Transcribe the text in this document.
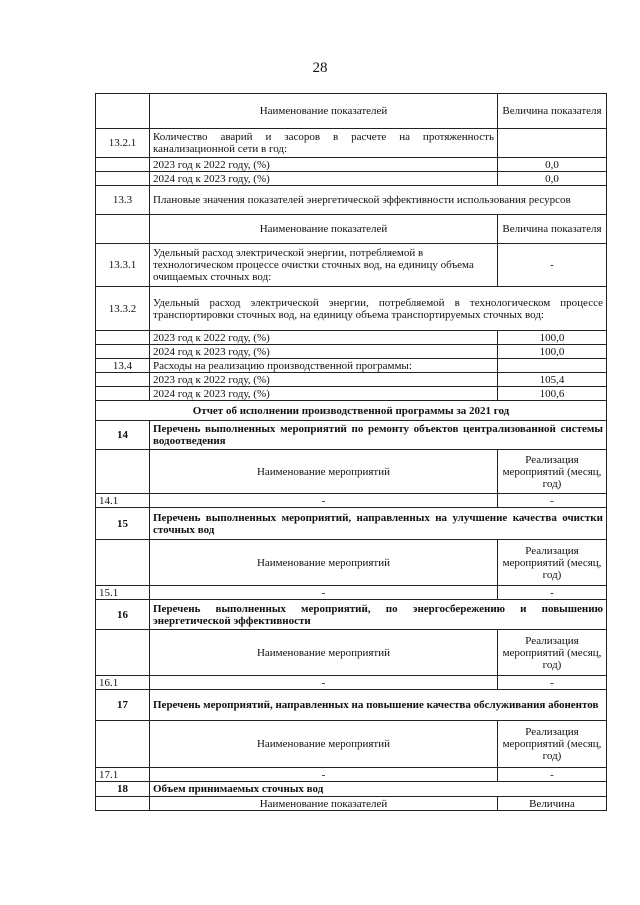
28
	Наименование показателей	Величина показателя
13.2.1	Количество аварий и засоров в расчете на протяженность канализационной сети в год:	
	2023 год к 2022 году, (%)	0,0
	2024 год к 2023 году, (%)	0,0
13.3	Плановые значения показателей энергетической эффективности использования ресурсов	
	Наименование показателей	Величина показателя
13.3.1	Удельный расход электрической энергии, потребляемой в технологическом процессе очистки сточных вод, на единицу объема очищаемых сточных вод:	-
13.3.2	Удельный расход электрической энергии, потребляемой в технологическом процессе транспортировки сточных вод, на единицу объема транспортируемых сточных вод:	
	2023 год к 2022 году, (%)	100,0
	2024 год к 2023 году, (%)	100,0
13.4	Расходы на реализацию производственной программы:	
	2023 год к 2022 году, (%)	105,4
	2024 год к 2023 году, (%)	100,6
Отчет об исполнении производственной программы за 2021 год		
14	Перечень выполненных мероприятий по ремонту объектов централизованной системы водоотведения	
	Наименование мероприятий	Реализация мероприятий (месяц, год)
14.1	-	-
15	Перечень выполненных мероприятий, направленных на улучшение качества очистки сточных вод	
	Наименование мероприятий	Реализация мероприятий (месяц, год)
15.1	-	-
16	Перечень выполненных мероприятий, по энергосбережению и повышению энергетической эффективности	
	Наименование мероприятий	Реализация мероприятий (месяц, год)
16.1	-	-
17	Перечень мероприятий, направленных на повышение качества обслуживания абонентов	
	Наименование мероприятий	Реализация мероприятий (месяц, год)
17.1	-	-
18	Объем принимаемых сточных вод	
	Наименование показателей	Величина
